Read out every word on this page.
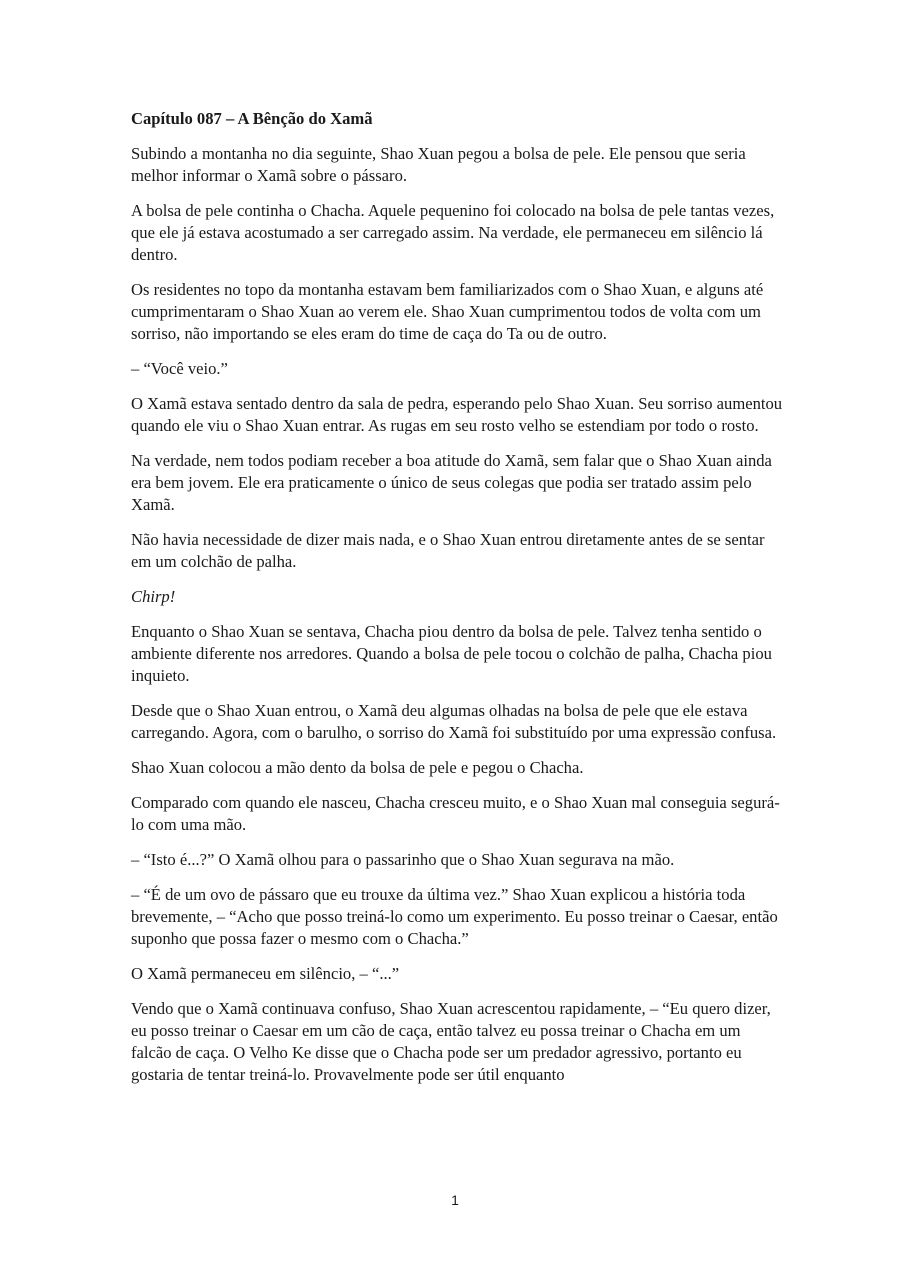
Capítulo 087 – A Bênção do Xamã

Subindo a montanha no dia seguinte, Shao Xuan pegou a bolsa de pele. Ele pensou que seria melhor informar o Xamã sobre o pássaro.

A bolsa de pele continha o Chacha. Aquele pequenino foi colocado na bolsa de pele tantas vezes, que ele já estava acostumado a ser carregado assim. Na verdade, ele permaneceu em silêncio lá dentro.

Os residentes no topo da montanha estavam bem familiarizados com o Shao Xuan, e alguns até cumprimentaram o Shao Xuan ao verem ele. Shao Xuan cumprimentou todos de volta com um sorriso, não importando se eles eram do time de caça do Ta ou de outro.

– “Você veio.”

O Xamã estava sentado dentro da sala de pedra, esperando pelo Shao Xuan. Seu sorriso aumentou quando ele viu o Shao Xuan entrar. As rugas em seu rosto velho se estendiam por todo o rosto.

Na verdade, nem todos podiam receber a boa atitude do Xamã, sem falar que o Shao Xuan ainda era bem jovem. Ele era praticamente o único de seus colegas que podia ser tratado assim pelo Xamã.

Não havia necessidade de dizer mais nada, e o Shao Xuan entrou diretamente antes de se sentar em um colchão de palha.

Chirp!

Enquanto o Shao Xuan se sentava, Chacha piou dentro da bolsa de pele. Talvez tenha sentido o ambiente diferente nos arredores. Quando a bolsa de pele tocou o colchão de palha, Chacha piou inquieto.

Desde que o Shao Xuan entrou, o Xamã deu algumas olhadas na bolsa de pele que ele estava carregando. Agora, com o barulho, o sorriso do Xamã foi substituído por uma expressão confusa.

Shao Xuan colocou a mão dento da bolsa de pele e pegou o Chacha.

Comparado com quando ele nasceu, Chacha cresceu muito, e o Shao Xuan mal conseguia segurá-lo com uma mão.

– “Isto é...?” O Xamã olhou para o passarinho que o Shao Xuan segurava na mão.

– “É de um ovo de pássaro que eu trouxe da última vez.” Shao Xuan explicou a história toda brevemente, – “Acho que posso treiná-lo como um experimento. Eu posso treinar o Caesar, então suponho que possa fazer o mesmo com o Chacha.”

O Xamã permaneceu em silêncio, – “...”

Vendo que o Xamã continuava confuso, Shao Xuan acrescentou rapidamente, – “Eu quero dizer, eu posso treinar o Caesar em um cão de caça, então talvez eu possa treinar o Chacha em um falcão de caça. O Velho Ke disse que o Chacha pode ser um predador agressivo, portanto eu gostaria de tentar treiná-lo. Provavelmente pode ser útil enquanto

1
